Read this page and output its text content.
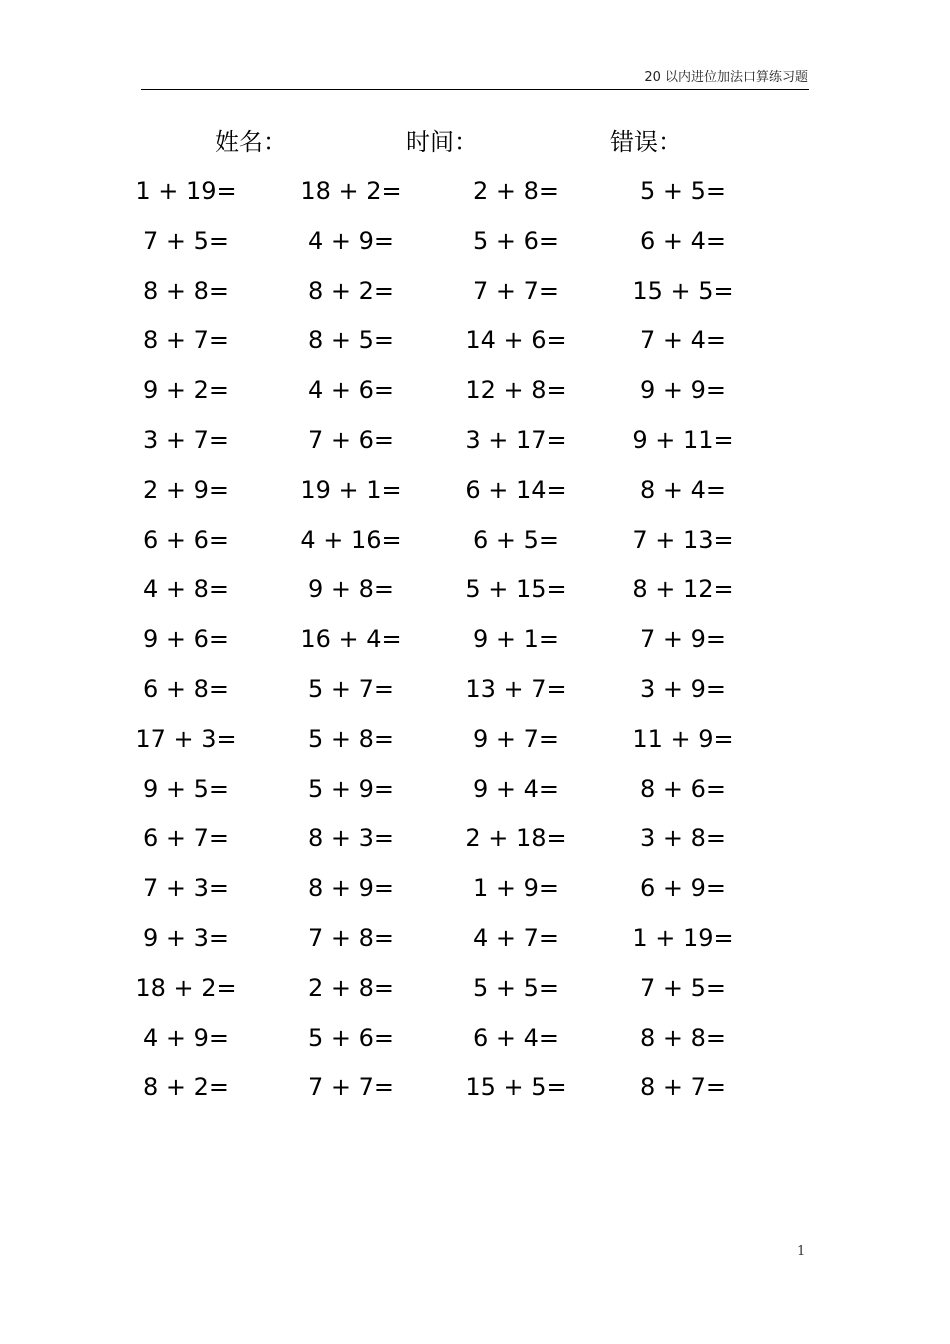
20 以内进位加法口算练习题
姓名：	时间：	错误：
1 + 19=
7 + 5=
8 + 8=
8 + 7=
9 + 2=
3 + 7=
2 + 9=
6 + 6=
4 + 8=
9 + 6=
6 + 8=
17 + 3=
9 + 5=
6 + 7=
7 + 3=
9 + 3=
18 + 2=
4 + 9=
8 + 2=
18 + 2=
4 + 9=
8 + 2=
8 + 5=
4 + 6=
7 + 6=
19 + 1=
4 + 16=
9 + 8=
16 + 4=
5 + 7=
5 + 8=
5 + 9=
8 + 3=
8 + 9=
7 + 8=
2 + 8=
5 + 6=
7 + 7=
2 + 8=
5 + 6=
7 + 7=
14 + 6=
12 + 8=
3 + 17=
6 + 14=
6 + 5=
5 + 15=
9 + 1=
13 + 7=
9 + 7=
9 + 4=
2 + 18=
1 + 9=
4 + 7=
5 + 5=
6 + 4=
15 + 5=
5 + 5=
6 + 4=
15 + 5=
7 + 4=
9 + 9=
9 + 11=
8 + 4=
7 + 13=
8 + 12=
7 + 9=
3 + 9=
11 + 9=
8 + 6=
3 + 8=
6 + 9=
1 + 19=
7 + 5=
8 + 8=
8 + 7=
1
